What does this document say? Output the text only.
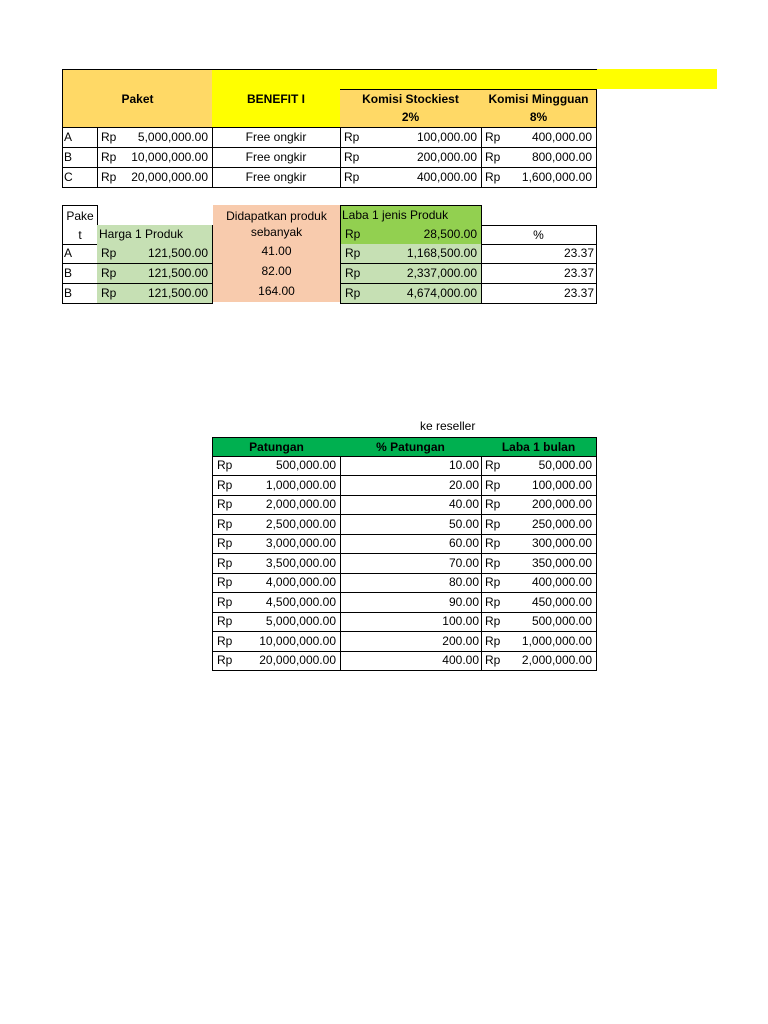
Paket	BENEFIT I	Komisi Stockiest	Komisi Mingguan
2%	8%
A	Rp 5,000,000.00	Free ongkir	Rp	100,000.00 Rp	400,000.00
B	Rp 10,000,000.00	Free ongkir	Rp	200,000.00 Rp	800,000.00
C	Rp 20,000,000.00	Free ongkir	Rp	400,000.00 Rp 1,600,000.00
Pake
t	Harga 1 Produk
Didapatkan produk
sebanyak
Laba 1 jenis Produk
Rp	28,500.00	%
A	Rp	121,500.00	41.00	Rp	1,168,500.00	23.37
B	Rp	121,500.00	82.00	Rp	2,337,000.00	23.37
B	Rp	121,500.00	164.00	Rp	4,674,000.00	23.37
ke reseller
Patungan	% Patungan	Laba 1 bulan
Rp	500,000.00	10.00 Rp	50,000.00
Rp	1,000,000.00	20.00 Rp	100,000.00
Rp	2,000,000.00	40.00 Rp	200,000.00
Rp	2,500,000.00	50.00 Rp	250,000.00
Rp	3,000,000.00	60.00 Rp	300,000.00
Rp	3,500,000.00	70.00 Rp	350,000.00
Rp	4,000,000.00	80.00 Rp	400,000.00
Rp	4,500,000.00	90.00 Rp	450,000.00
Rp	5,000,000.00	100.00 Rp	500,000.00
Rp 10,000,000.00	200.00 Rp 1,000,000.00
Rp 20,000,000.00	400.00 Rp 2,000,000.00
